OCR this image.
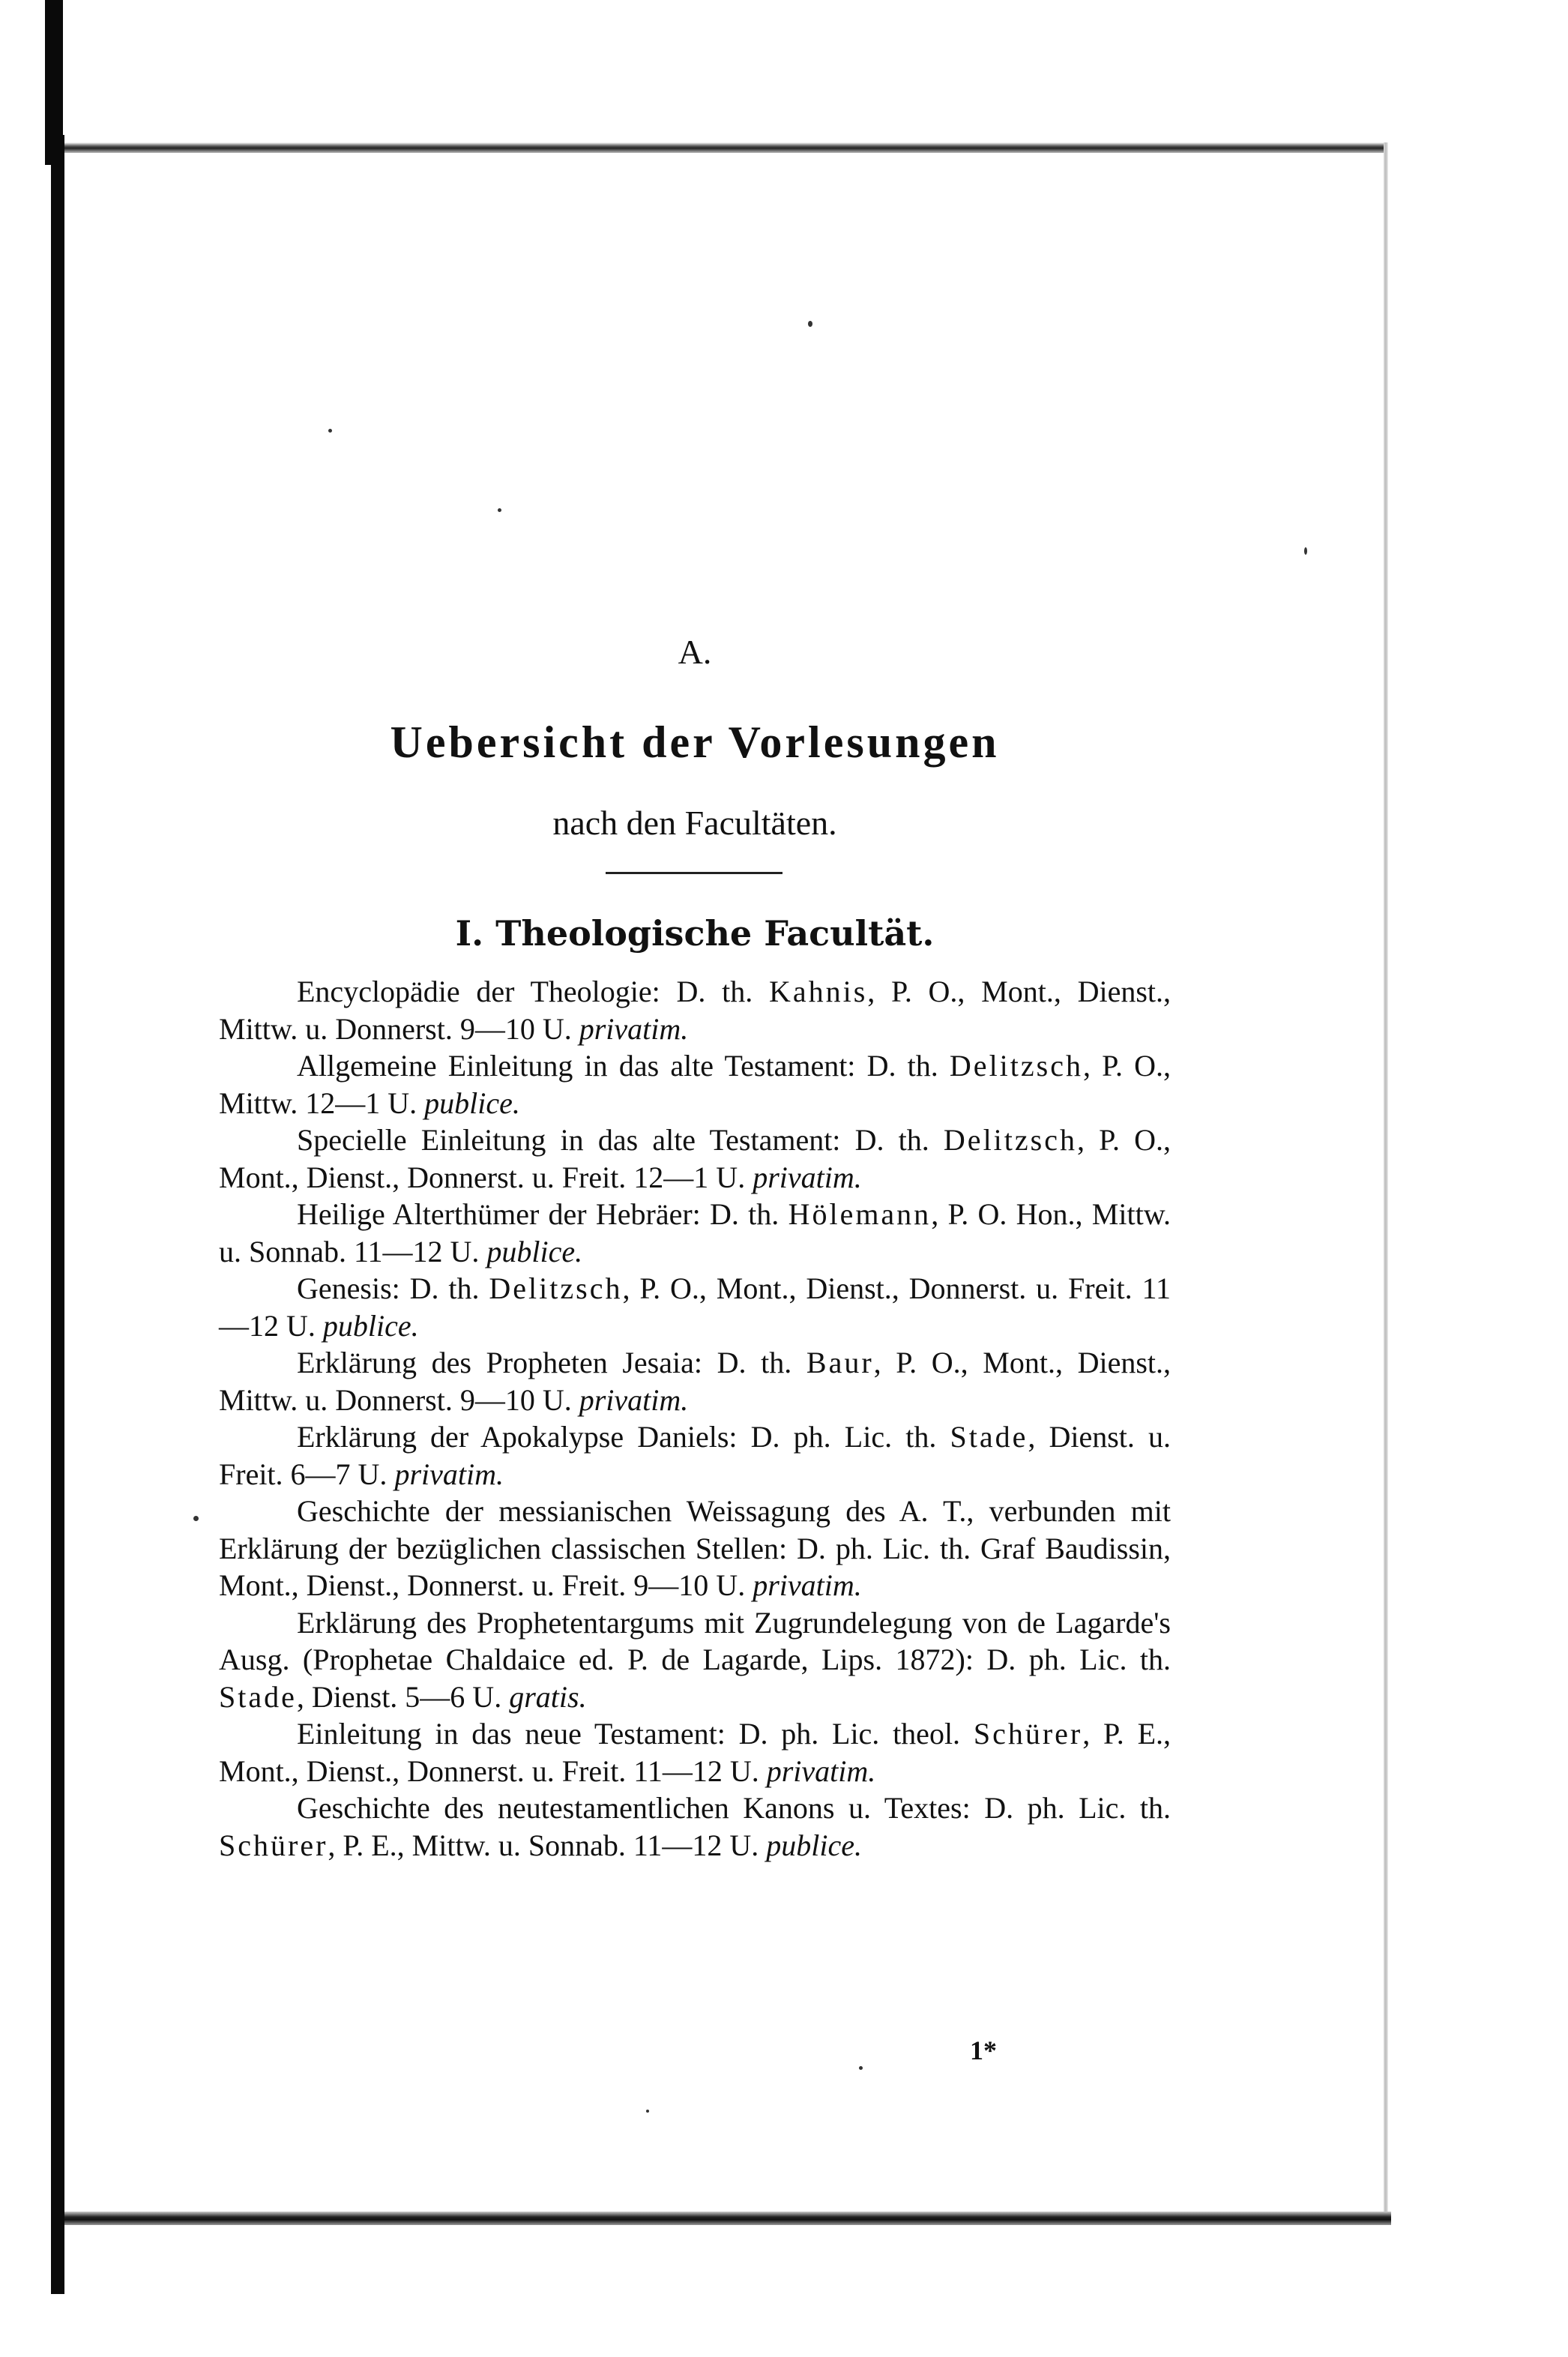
A.
Uebersicht der Vorlesungen
nach den Facultäten.
I. Theologische Facultät.

Encyclopädie der Theologie: D. th. Kahnis, P. O., Mont., Dienst., Mittw. u. Donnerst. 9—10 U. privatim.

Allgemeine Einleitung in das alte Testament: D. th. Delitzsch, P. O., Mittw. 12—1 U. publice.

Specielle Einleitung in das alte Testament: D. th. Delitzsch, P. O., Mont., Dienst., Donnerst. u. Freit. 12—1 U. privatim.

Heilige Alterthümer der Hebräer: D. th. Hölemann, P. O. Hon., Mittw. u. Sonnab. 11—12 U. publice.

Genesis: D. th. Delitzsch, P. O., Mont., Dienst., Donnerst. u. Freit. 11—12 U. publice.

Erklärung des Propheten Jesaia: D. th. Baur, P. O., Mont., Dienst., Mittw. u. Donnerst. 9—10 U. privatim.

Erklärung der Apokalypse Daniels: D. ph. Lic. th. Stade, Dienst. u. Freit. 6—7 U. privatim.

Geschichte der messianischen Weissagung des A. T., verbunden mit Erklärung der bezüglichen classischen Stellen: D. ph. Lic. th. Graf Baudissin, Mont., Dienst., Donnerst. u. Freit. 9—10 U. privatim.

Erklärung des Prophetentargums mit Zugrundelegung von de Lagarde's Ausg. (Prophetae Chaldaice ed. P. de Lagarde, Lips. 1872): D. ph. Lic. th. Stade, Dienst. 5—6 U. gratis.

Einleitung in das neue Testament: D. ph. Lic. theol. Schürer, P. E., Mont., Dienst., Donnerst. u. Freit. 11—12 U. privatim.

Geschichte des neutestamentlichen Kanons u. Textes: D. ph. Lic. th. Schürer, P. E., Mittw. u. Sonnab. 11—12 U. publice.

1*
